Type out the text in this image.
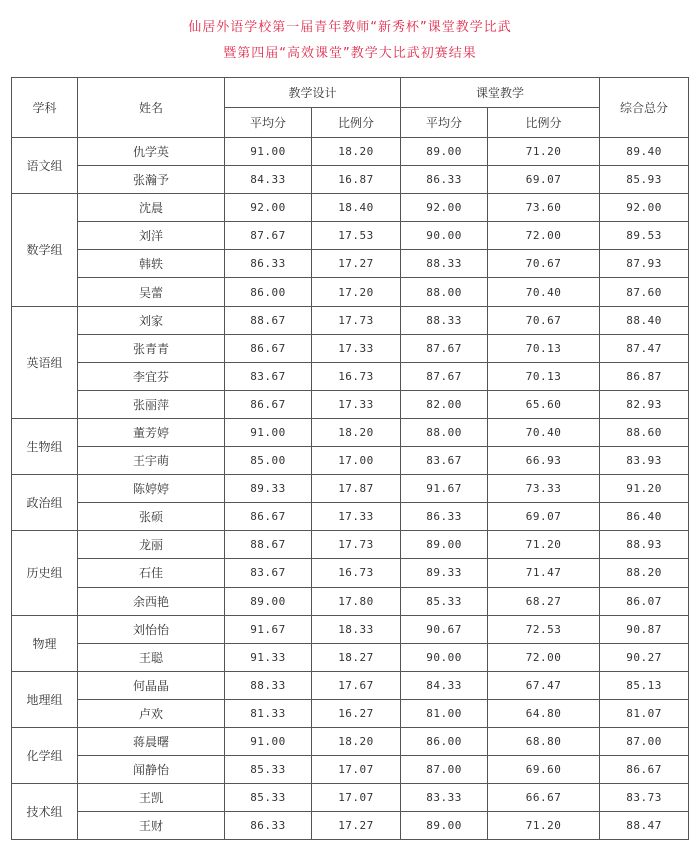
仙居外语学校第一届青年教师“新秀杯”课堂教学比武
暨第四届“高效课堂”教学大比武初赛结果
学科	姓名	教学设计		课堂教学		综合总分
		平均分	比例分	平均分	比例分	
语文组	仇学英	91.00	18.20	89.00	71.20	89.40
	张瀚予	84.33	16.87	86.33	69.07	85.93
数学组	沈晨	92.00	18.40	92.00	73.60	92.00
	刘洋	87.67	17.53	90.00	72.00	89.53
	韩轶	86.33	17.27	88.33	70.67	87.93
	吴蕾	86.00	17.20	88.00	70.40	87.60
英语组	刘家	88.67	17.73	88.33	70.67	88.40
	张青青	86.67	17.33	87.67	70.13	87.47
	李宜芬	83.67	16.73	87.67	70.13	86.87
	张丽萍	86.67	17.33	82.00	65.60	82.93
生物组	董芳婷	91.00	18.20	88.00	70.40	88.60
	王宇萌	85.00	17.00	83.67	66.93	83.93
政治组	陈婷婷	89.33	17.87	91.67	73.33	91.20
	张硕	86.67	17.33	86.33	69.07	86.40
历史组	龙丽	88.67	17.73	89.00	71.20	88.93
	石佳	83.67	16.73	89.33	71.47	88.20
	余西艳	89.00	17.80	85.33	68.27	86.07
物理	刘怡怡	91.67	18.33	90.67	72.53	90.87
	王聪	91.33	18.27	90.00	72.00	90.27
地理组	何晶晶	88.33	17.67	84.33	67.47	85.13
	卢欢	81.33	16.27	81.00	64.80	81.07
化学组	蒋晨曙	91.00	18.20	86.00	68.80	87.00
	闻静怡	85.33	17.07	87.00	69.60	86.67
技术组	王凯	85.33	17.07	83.33	66.67	83.73
	王财	86.33	17.27	89.00	71.20	88.47
